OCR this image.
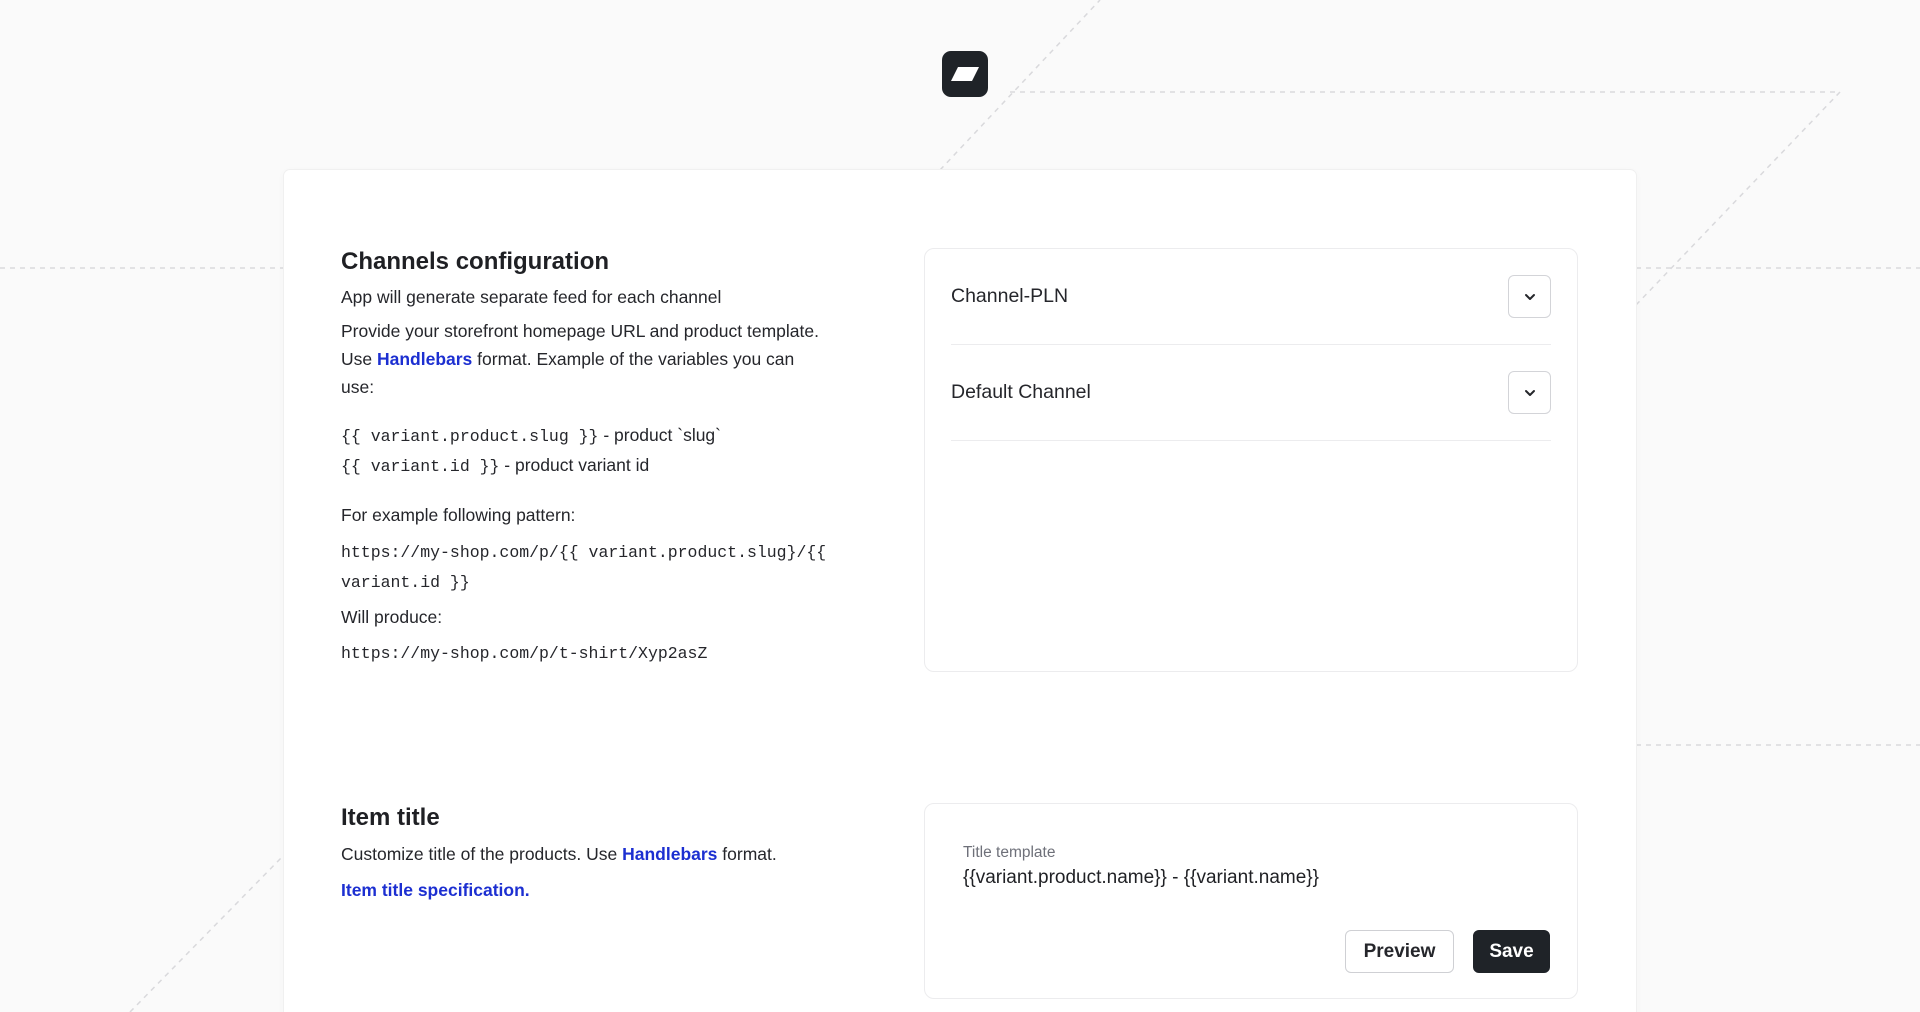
Channels configuration
App will generate separate feed for each channel
Provide your storefront homepage URL and product template.
Use Handlebars format. Example of the variables you can
use:
{{ variant.product.slug }} - product `slug`
{{ variant.id }} - product variant id
For example following pattern:
https://my-shop.com/p/{{ variant.product.slug}/{{
variant.id }}
Will produce:
https://my-shop.com/p/t-shirt/Xyp2asZ
Channel-PLN
Default Channel
Item title
Customize title of the products. Use Handlebars format.
Item title specification.
Title template
{{variant.product.name}} - {{variant.name}}
Preview	Save
